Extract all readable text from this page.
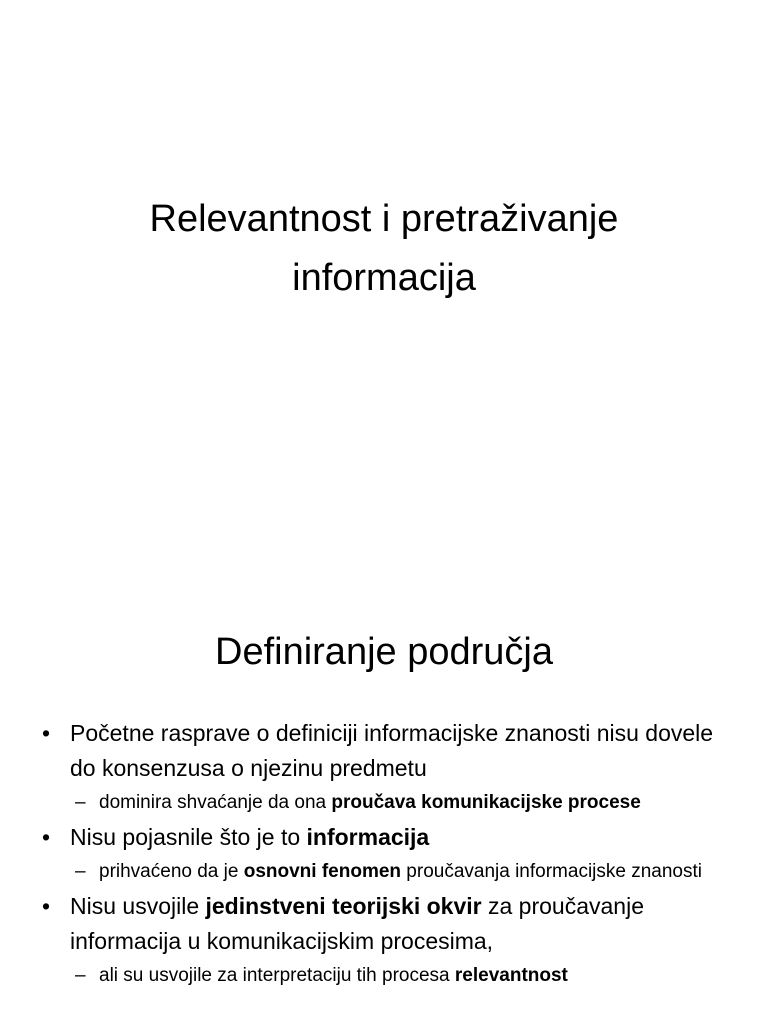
Relevantnost i pretraživanje
informacija
Definiranje područja
• Početne rasprave o definiciji informacijske znanosti nisu dovele do konsenzusa o njezinu predmetu
– dominira shvaćanje da ona proučava komunikacijske procese
• Nisu pojasnile što je to informacija
– prihvaćeno da je osnovni fenomen proučavanja informacijske znanosti
• Nisu usvojile jedinstveni teorijski okvir za proučavanje informacija u komunikacijskim procesima,
– ali su usvojile za interpretaciju tih procesa relevantnost
